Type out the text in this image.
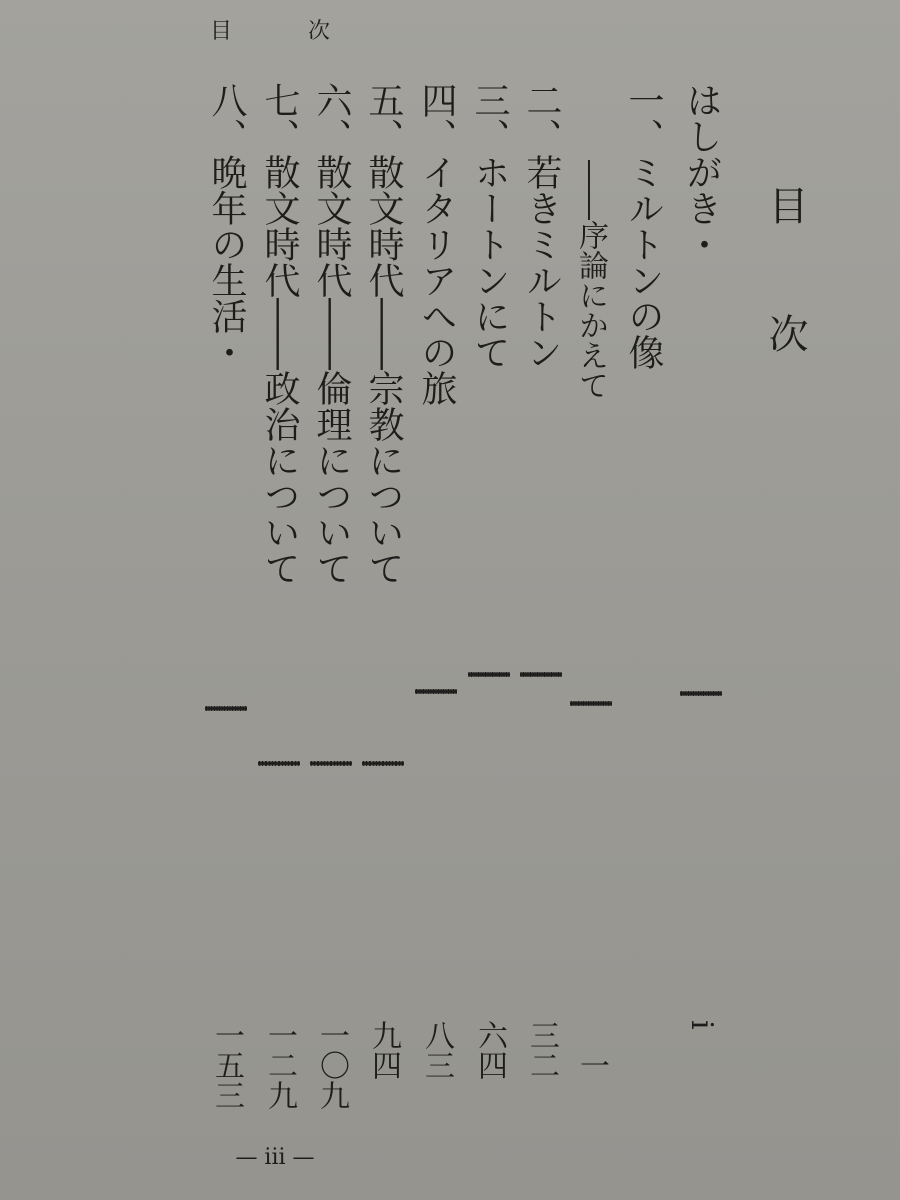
目	次
目次
はしがき・
i
一、ミルトンの像
――序論にかえて
一
二、若きミルトン
三二
三、ホートンにて
六四
四、イタリアへの旅
八三
五、散文時代――宗教について
九四
六、散文時代――倫理について
一〇九
七、散文時代――政治について
一二九
八、晩年の生活・
一五三
— iii —
